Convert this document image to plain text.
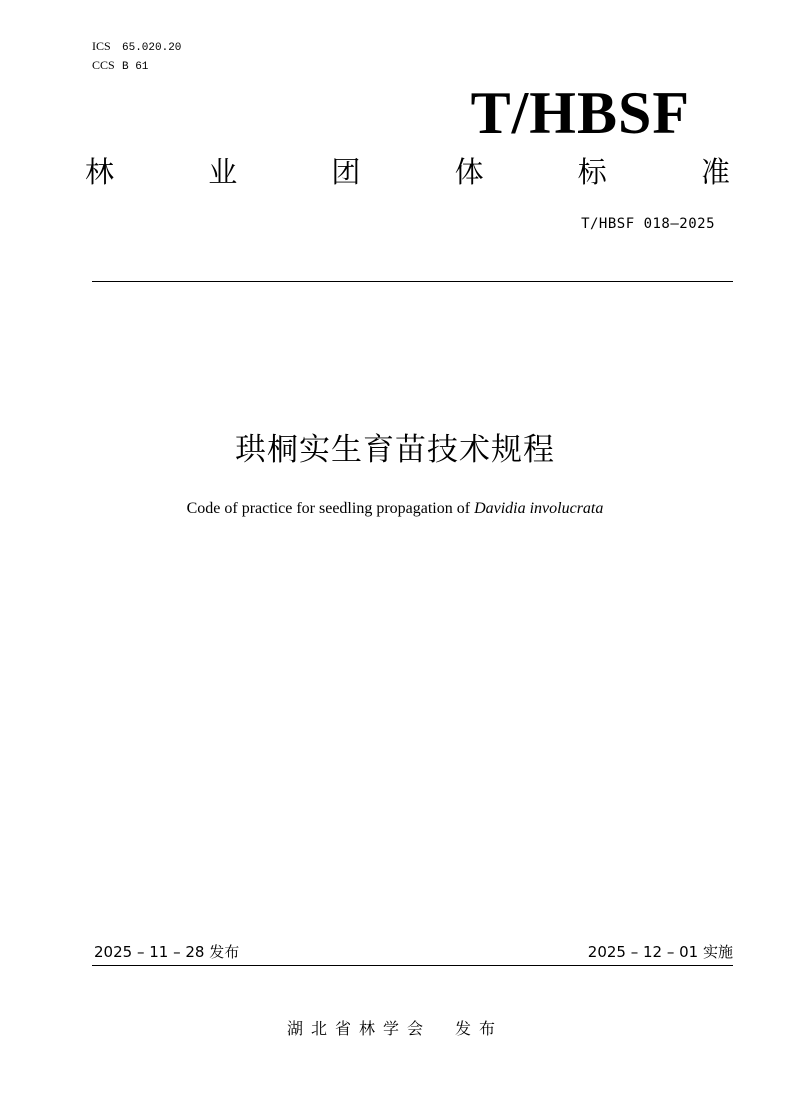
ICS 65.020.20
CCS B 61
T/HBSF
林	业	团	体	标	准
T/HBSF 018—2025
珙桐实生育苗技术规程
Code of practice for seedling propagation of Davidia involucrata
2025 – 11 – 28 发布	2025 – 12 – 01 实施
湖北省林学会 发布
